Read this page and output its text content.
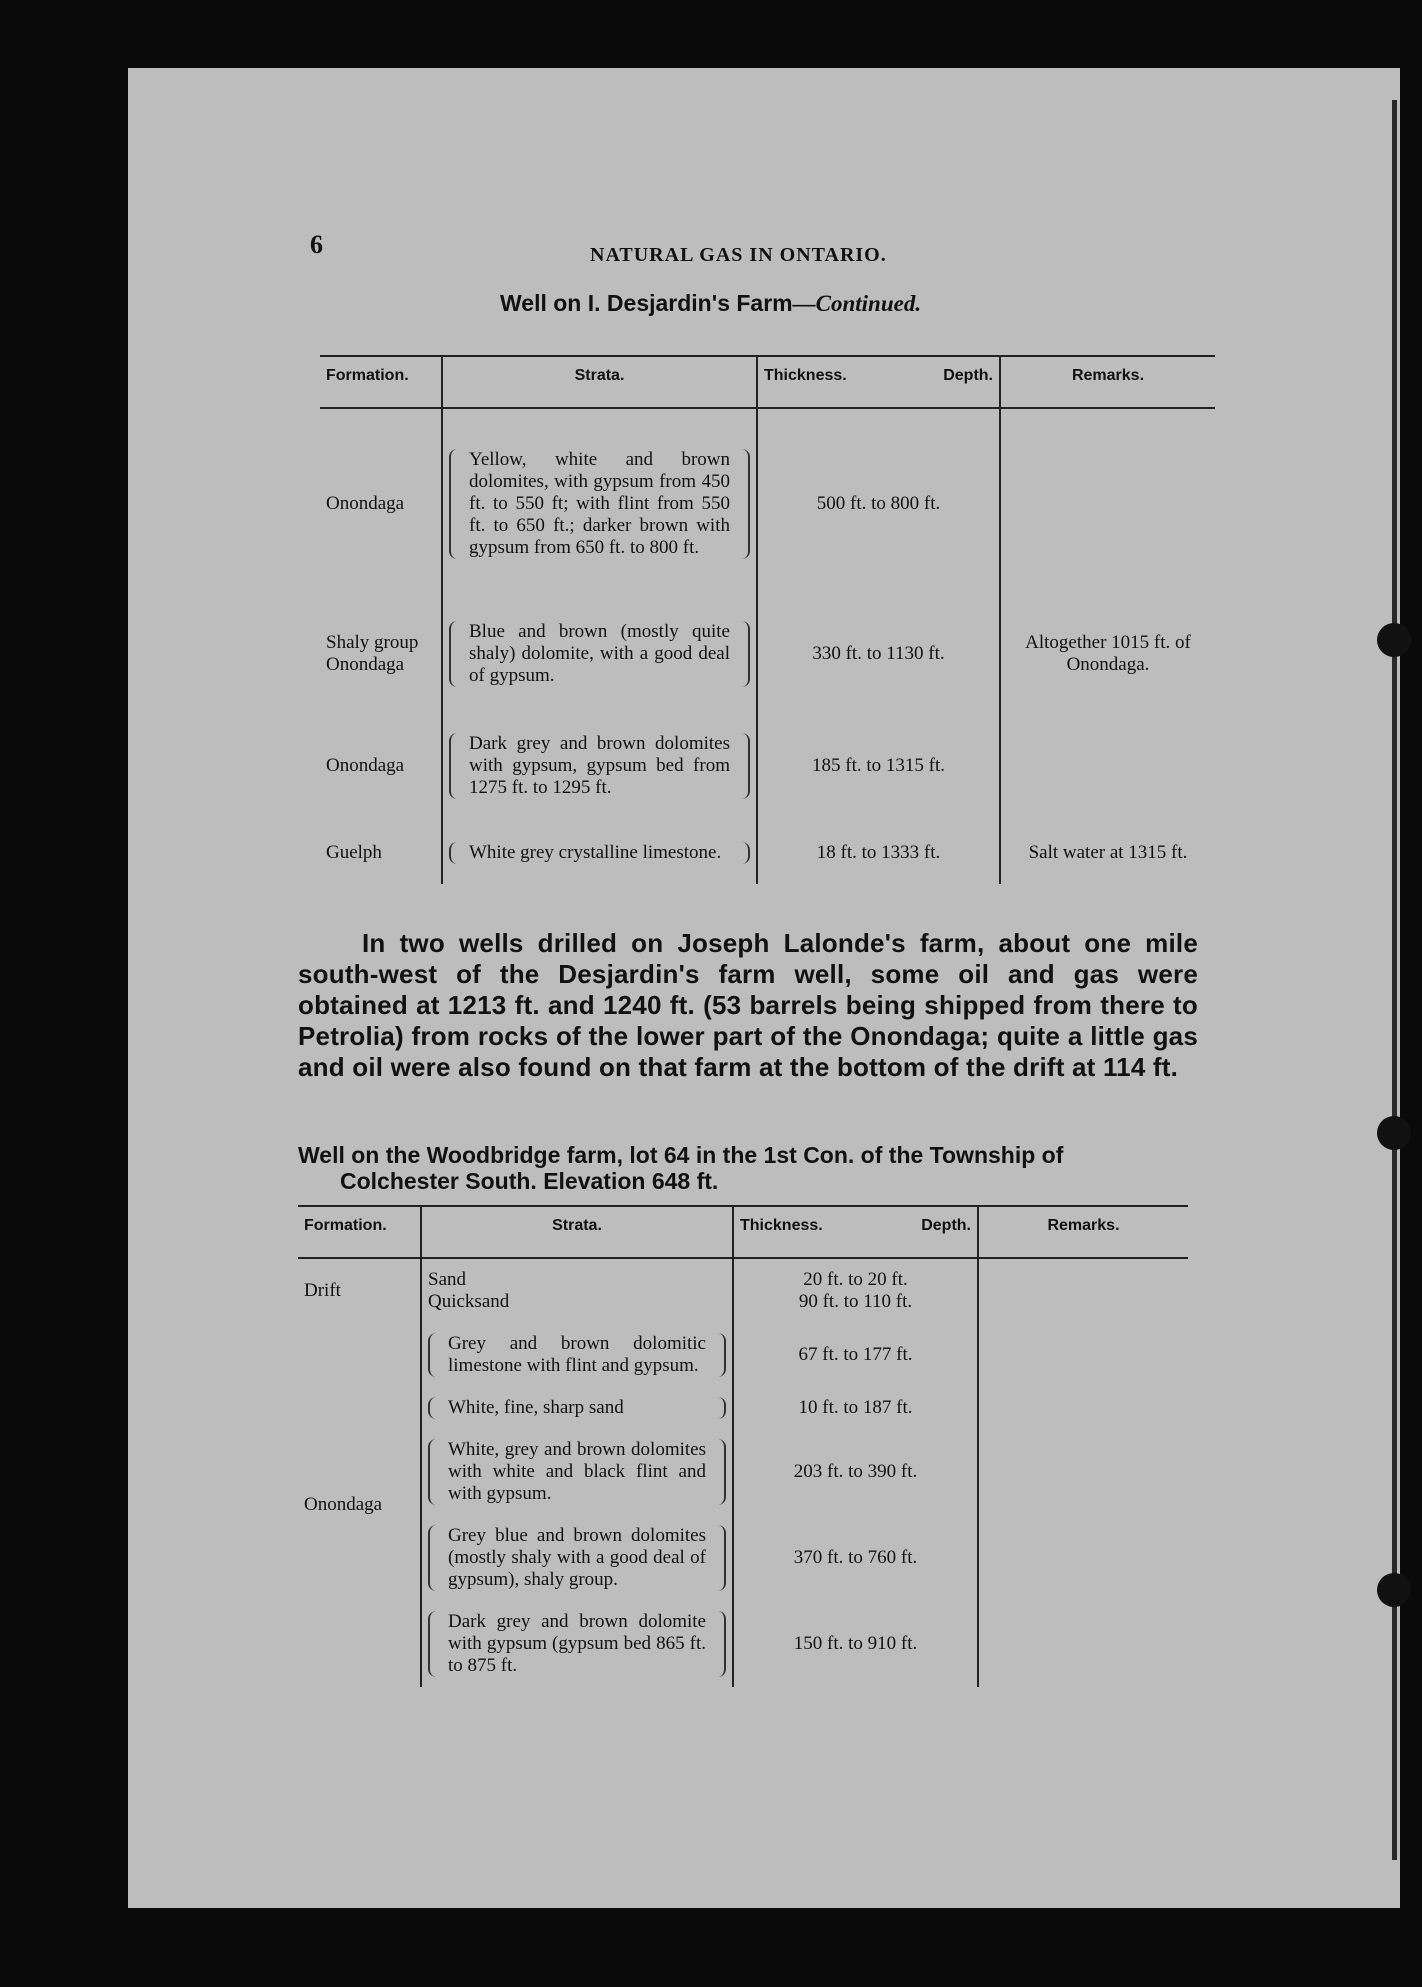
6	NATURAL GAS IN ONTARIO.
Well on I. Desjardin's Farm—Continued.
Formation.	Strata.	Thickness. Depth.	Remarks.
Onondaga	Yellow, white and brown dolomites, with gypsum from 450 ft. to 550 ft; with flint from 550 ft. to 650 ft.; darker brown with gypsum from 650 ft. to 800 ft.	500 ft. to 800 ft.	
Shaly group Onondaga	Blue and brown (mostly quite shaly) dolomite, with a good deal of gypsum.	330 ft. to 1130 ft.	Altogether 1015 ft. of Onondaga.
Onondaga	Dark grey and brown dolomites with gypsum, gypsum bed from 1275 ft. to 1295 ft.	185 ft. to 1315 ft.	
Guelph	White grey crystalline limestone.	18 ft. to 1333 ft.	Salt water at 1315 ft.
In two wells drilled on Joseph Lalonde's farm, about one mile south-west of the Desjardin's farm well, some oil and gas were obtained at 1213 ft. and 1240 ft. (53 barrels being shipped from there to Petrolia) from rocks of the lower part of the Onondaga; quite a little gas and oil were also found on that farm at the bottom of the drift at 114 ft.
Well on the Woodbridge farm, lot 64 in the 1st Con. of the Township of
Colchester South. Elevation 648 ft.
Formation.	Strata.	Thickness. Depth.	Remarks.
Drift	Sand	20 ft. to 20 ft.	
	Quicksand	90 ft. to 110 ft.	
Onondaga	Grey and brown dolomitic limestone with flint and gypsum.	67 ft. to 177 ft.	

	White, fine, sharp sand	10 ft. to 187 ft.	

	White, grey and brown dolomites with white and black flint and with gypsum.	203 ft. to 390 ft.	

	Grey blue and brown dolomites (mostly shaly with a good deal of gypsum), shaly group.	370 ft. to 760 ft.	

	Dark grey and brown dolomite with gypsum (gypsum bed 865 ft. to 875 ft.	150 ft. to 910 ft.	
